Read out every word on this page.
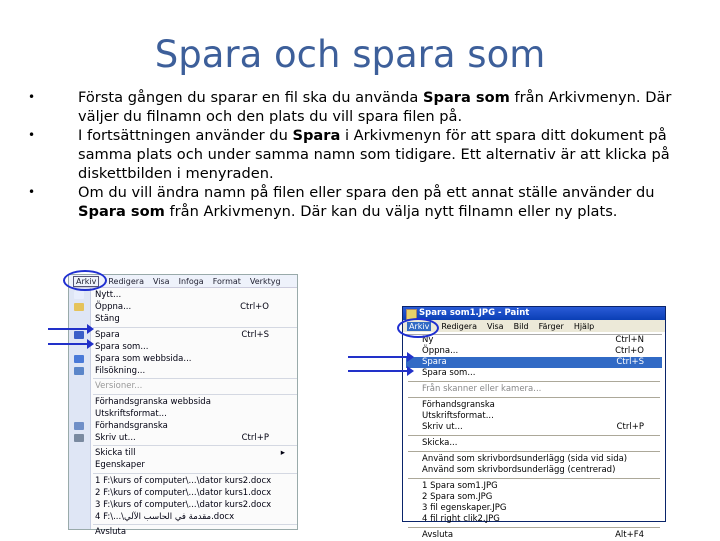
Spara och spara som
•	Första gången du sparar en fil ska du använda Spara som från Arkivmenyn. Där väljer du filnamn och den plats du vill spara filen på.
•	I fortsättningen använder du Spara i Arkivmenyn för att spara ditt dokument på samma plats och under samma namn som tidigare. Ett alternativ är att klicka på diskettbilden i menyraden.
•	Om du vill ändra namn på filen eller spara den på ett annat ställe använder du Spara som från Arkivmenyn. Där kan du välja nytt filnamn eller ny plats.
Arkiv	Redigera Visa Infoga Format Verktyg
Nytt...
Öppna...	Ctrl+O
Stäng
Spara	Ctrl+S
Spara som...
Spara som webbsida...
Filsökning...
Versioner...
Förhandsgranska webbsida
Utskriftsformat...
Förhandsgranska
Skriv ut...	Ctrl+P
Skicka till	▸
Egenskaper
1 F:\kurs of computer\...\dator kurs2.docx
2 F:\kurs of computer\...\dator kurs1.docx
3 F:\kurs of computer\...\dator kurs2.docx
4 F:\...\مقدمة في الحاسب الآلي.docx
Avsluta
Spara som1.JPG - Paint
Arkiv Redigera Visa Bild Färger Hjälp
Ny	Ctrl+N
Öppna...	Ctrl+O
Spara	Ctrl+S
Spara som...
Från skanner eller kamera...
Förhandsgranska
Utskriftsformat...
Skriv ut...	Ctrl+P
Skicka...
Använd som skrivbordsunderlägg (sida vid sida)
Använd som skrivbordsunderlägg (centrerad)
1 Spara som1.JPG
2 Spara som.JPG
3 fil egenskaper.JPG
4 fil right clik2.JPG
Avsluta	Alt+F4
